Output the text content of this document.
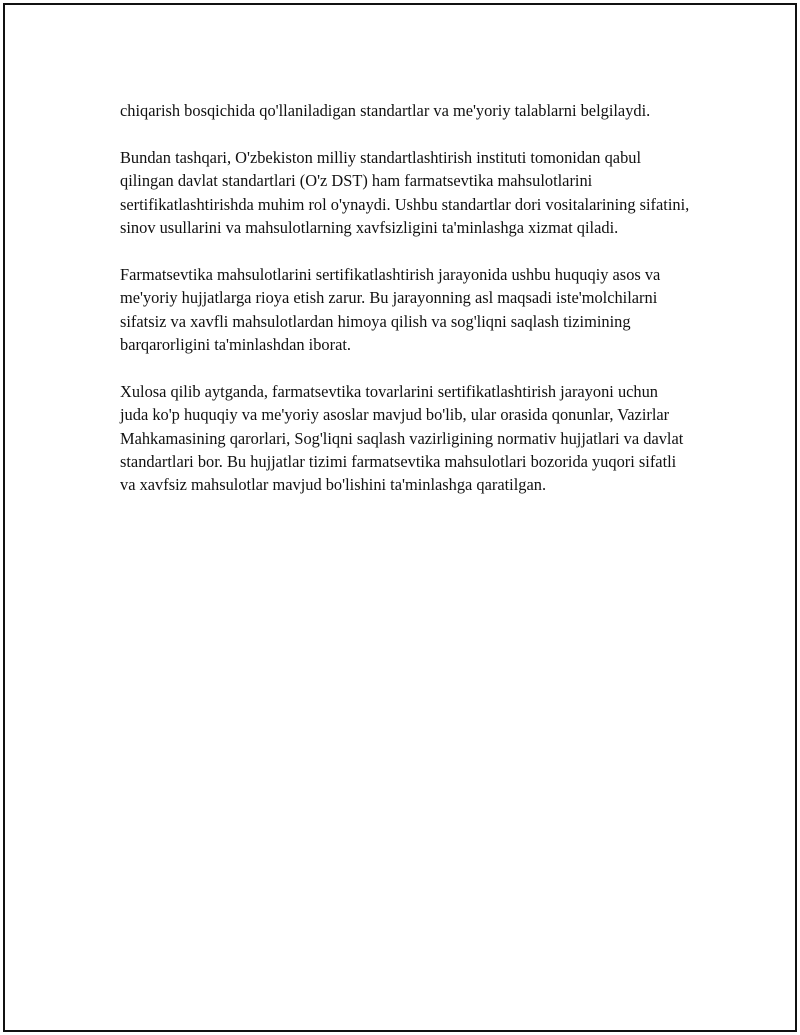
chiqarish bosqichida qo'llaniladigan standartlar va me'yoriy talablarni belgilaydi.

Bundan tashqari, O'zbekiston milliy standartlashtirish instituti tomonidan qabul qilingan davlat standartlari (O'z DST) ham farmatsevtika mahsulotlarini sertifikatlashtirishda muhim rol o'ynaydi. Ushbu standartlar dori vositalarining sifatini, sinov usullarini va mahsulotlarning xavfsizligini ta'minlashga xizmat qiladi.

Farmatsevtika mahsulotlarini sertifikatlashtirish jarayonida ushbu huquqiy asos va me'yoriy hujjatlarga rioya etish zarur. Bu jarayonning asl maqsadi iste'molchilarni sifatsiz va xavfli mahsulotlardan himoya qilish va sog'liqni saqlash tizimining barqarorligini ta'minlashdan iborat.

Xulosa qilib aytganda, farmatsevtika tovarlarini sertifikatlashtirish jarayoni uchun juda ko'p huquqiy va me'yoriy asoslar mavjud bo'lib, ular orasida qonunlar, Vazirlar Mahkamasining qarorlari, Sog'liqni saqlash vazirligining normativ hujjatlari va davlat standartlari bor. Bu hujjatlar tizimi farmatsevtika mahsulotlari bozorida yuqori sifatli va xavfsiz mahsulotlar mavjud bo'lishini ta'minlashga qaratilgan.
